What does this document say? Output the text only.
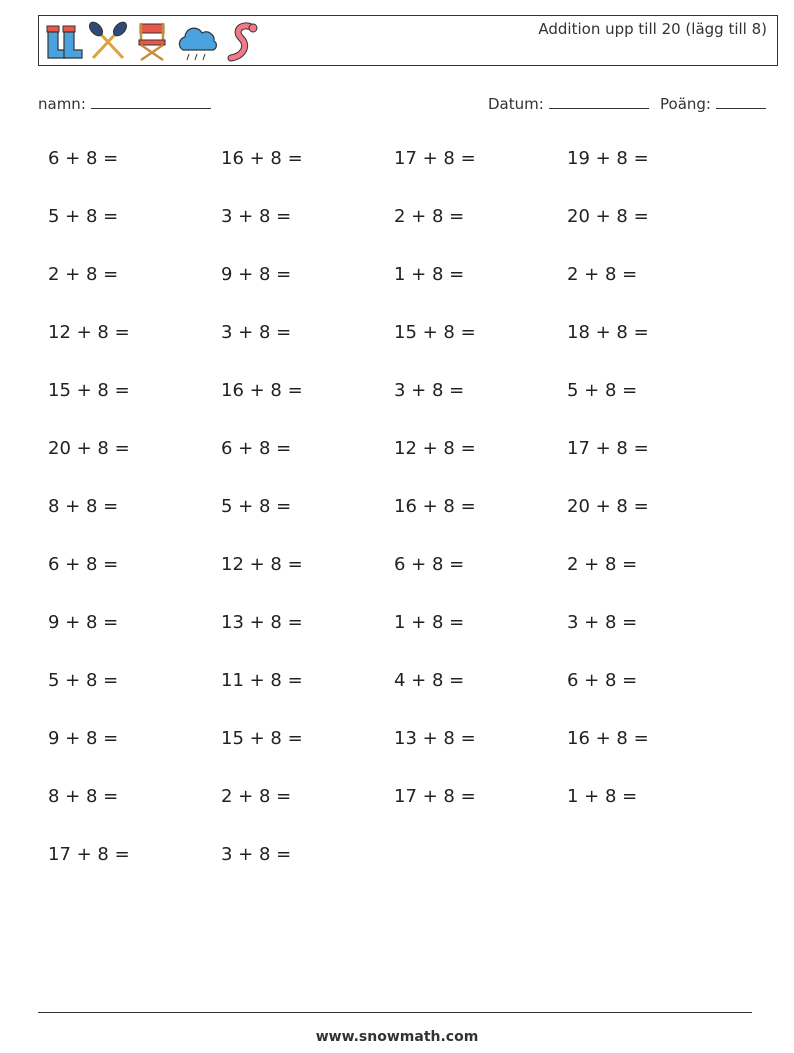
Addition upp till 20 (lägg till 8)
namn:	Datum:	Poäng:
6 + 8 =	16 + 8 =	17 + 8 =	19 + 8 =
5 + 8 =	3 + 8 =	2 + 8 =	20 + 8 =
2 + 8 =	9 + 8 =	1 + 8 =	2 + 8 =
12 + 8 =	3 + 8 =	15 + 8 =	18 + 8 =
15 + 8 =	16 + 8 =	3 + 8 =	5 + 8 =
20 + 8 =	6 + 8 =	12 + 8 =	17 + 8 =
8 + 8 =	5 + 8 =	16 + 8 =	20 + 8 =
6 + 8 =	12 + 8 =	6 + 8 =	2 + 8 =
9 + 8 =	13 + 8 =	1 + 8 =	3 + 8 =
5 + 8 =	11 + 8 =	4 + 8 =	6 + 8 =
9 + 8 =	15 + 8 =	13 + 8 =	16 + 8 =
8 + 8 =	2 + 8 =	17 + 8 =	1 + 8 =
17 + 8 =	3 + 8 =
www.snowmath.com
